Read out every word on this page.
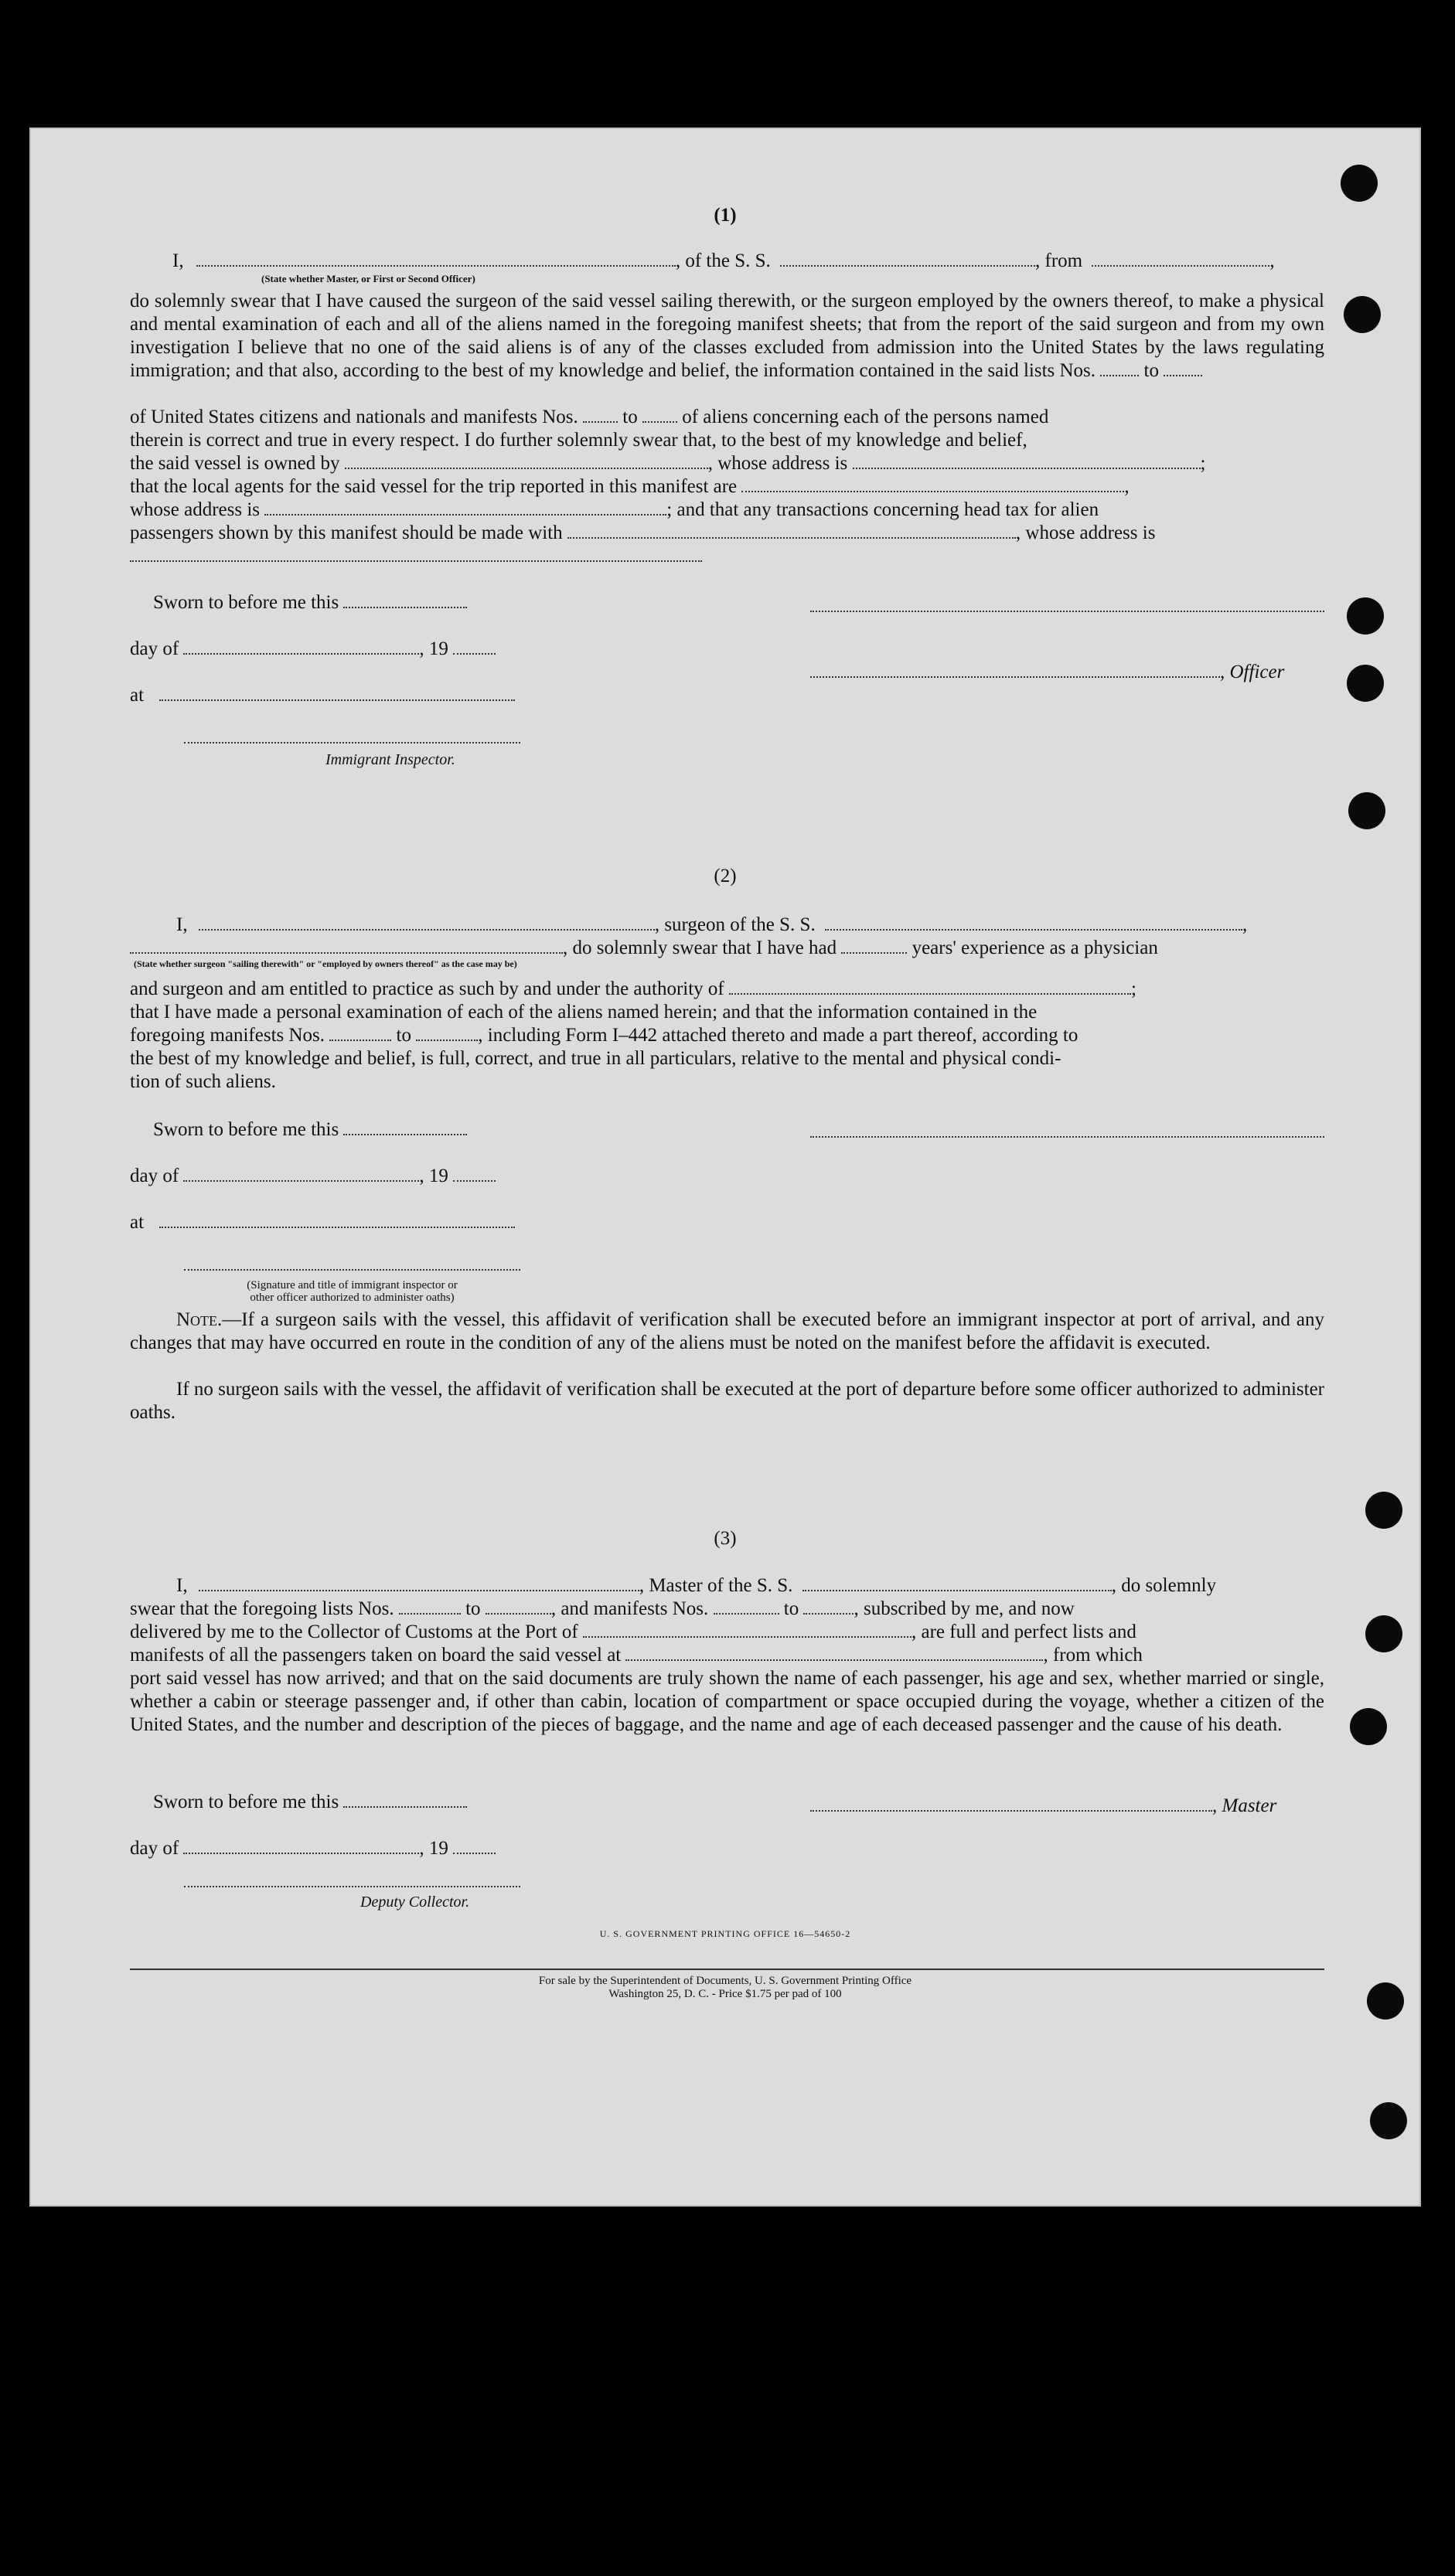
(1)
I,	, of the S. S.	, from	,
(State whether Master, or First or Second Officer)
do solemnly swear that I have caused the surgeon of the said vessel sailing therewith, or the surgeon employed by the owners thereof, to make a physical and mental examination of each and all of the aliens named in the foregoing manifest sheets; that from the report of the said surgeon and from my own investigation I believe that no one of the said aliens is of any of the classes excluded from admission into the United States by the laws regulating immigration; and that also, according to the best of my knowledge and belief, the information contained in the said lists Nos.	to
of United States citizens and nationals and manifests Nos. to of aliens concerning each of the persons named
therein is correct and true in every respect. I do further solemnly swear that, to the best of my knowledge and belief,
the said vessel is owned by	, whose address is	;
that the local agents for the said vessel for the trip reported in this manifest are	,
whose address is	; and that any transactions concerning head tax for alien
passengers shown by this manifest should be made with	, whose address is
Sworn to before me this
day of	, 19
, Officer
at
Immigrant Inspector.
(2)
I,	, surgeon of the S. S.	,
, do solemnly swear that I have had	years' experience as a physician
(State whether surgeon "sailing therewith" or "employed by owners thereof" as the case may be)
and surgeon and am entitled to practice as such by and under the authority of	;
that I have made a personal examination of each of the aliens named herein; and that the information contained in the
foregoing manifests Nos.	to	, including Form I–442 attached thereto and made a part thereof, according to
the best of my knowledge and belief, is full, correct, and true in all particulars, relative to the mental and physical condi-
tion of such aliens.
Sworn to before me this
day of	, 19
at
(Signature and title of immigrant inspector or
other officer authorized to administer oaths)
Note.—If a surgeon sails with the vessel, this affidavit of verification shall be executed before an immigrant inspector at port of arrival, and any changes that may have occurred en route in the condition of any of the aliens must be noted on the manifest before the affidavit is executed.
If no surgeon sails with the vessel, the affidavit of verification shall be executed at the port of departure before some officer authorized to administer oaths.
(3)
I,	, Master of the S. S.	, do solemnly
swear that the foregoing lists Nos.	to	, and manifests Nos.	to	, subscribed by me, and now
delivered by me to the Collector of Customs at the Port of	, are full and perfect lists and
manifests of all the passengers taken on board the said vessel at	, from which
port said vessel has now arrived; and that on the said documents are truly shown the name of each passenger, his age and sex, whether married or single, whether a cabin or steerage passenger and, if other than cabin, location of compartment or space occupied during the voyage, whether a citizen of the United States, and the number and description of the pieces of baggage, and the name and age of each deceased passenger and the cause of his death.
Sworn to before me this	, Master
day of	, 19
Deputy Collector.
U. S. GOVERNMENT PRINTING OFFICE 16—54650-2
For sale by the Superintendent of Documents, U. S. Government Printing Office
Washington 25, D. C. - Price $1.75 per pad of 100
